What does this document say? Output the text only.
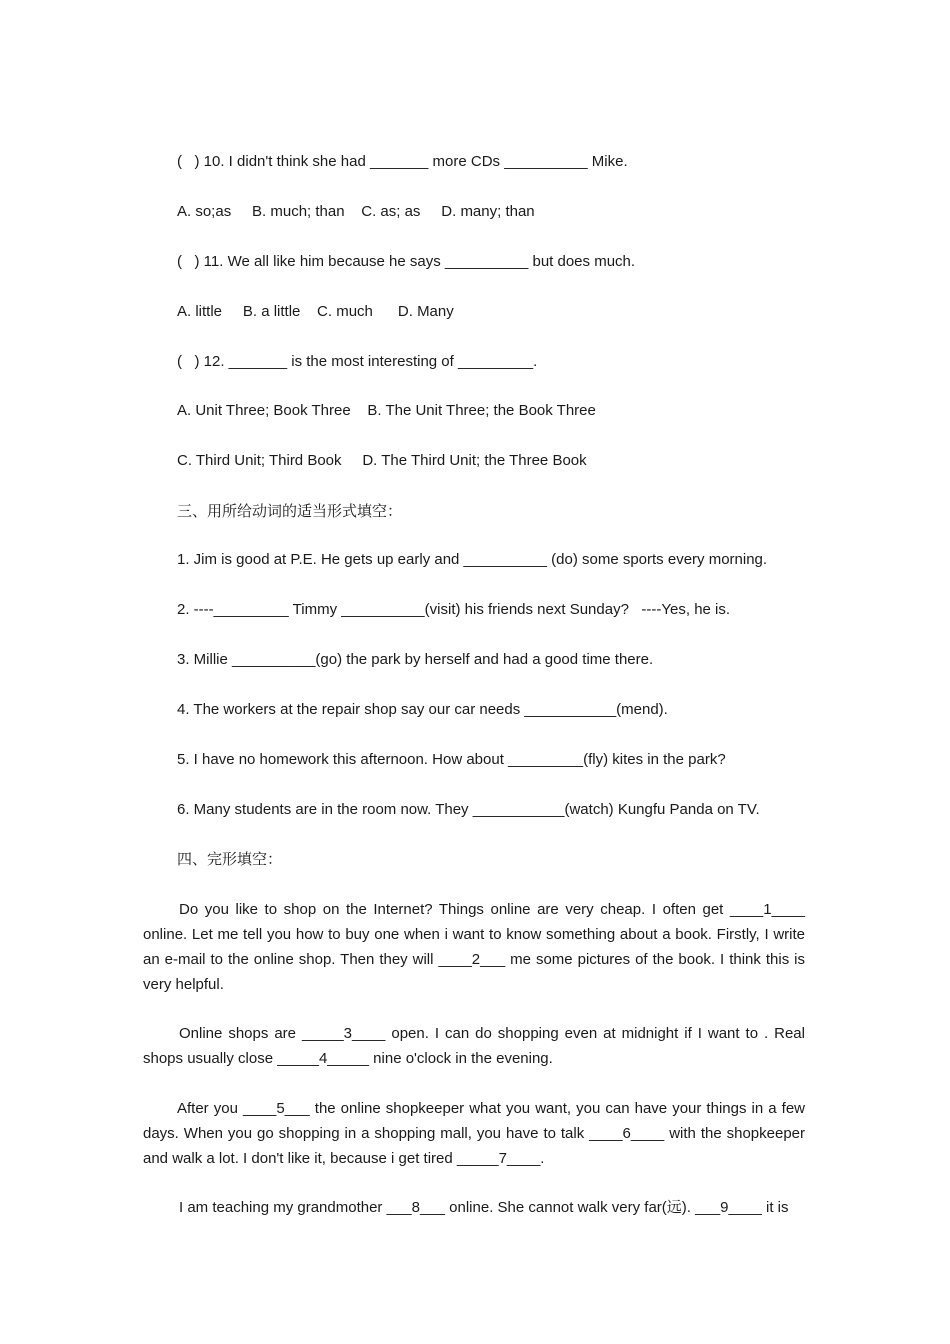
(   ) 10. I didn't think she had _______ more CDs __________ Mike.
A. so;as     B. much; than    C. as; as     D. many; than
(   ) 11. We all like him because he says __________ but does much.
A. little     B. a little    C. much      D. Many
(   ) 12. _______ is the most interesting of _________.
A. Unit Three; Book Three    B. The Unit Three; the Book Three
C. Third Unit; Third Book     D. The Third Unit; the Three Book
三、用所给动词的适当形式填空：
1. Jim is good at P.E. He gets up early and __________ (do) some sports every morning.
2. ----_________ Timmy __________(visit) his friends next Sunday?   ----Yes, he is.
3. Millie __________(go) the park by herself and had a good time there.
4. The workers at the repair shop say our car needs ___________(mend).
5. I have no homework this afternoon. How about _________(fly) kites in the park?
6. Many students are in the room now. They ___________(watch) Kungfu Panda on TV.
四、完形填空：
Do you like to shop on the Internet? Things online are very cheap. I often get ____1____ online. Let me tell you how to buy one when i want to know something about a book. Firstly, I write an e-mail to the online shop. Then they will ____2___ me some pictures of the book. I think this is very helpful.
Online shops are _____3____ open. I can do shopping even at midnight if I want to . Real shops usually close _____4_____ nine o'clock in the evening.
After you ____5___ the online shopkeeper what you want, you can have your things in a few days. When you go shopping in a shopping mall, you have to talk ____6____ with the shopkeeper and walk a lot. I don't like it, because i get tired _____7____.
I am teaching my grandmother ___8___ online. She cannot walk very far(远). ___9____ it is
